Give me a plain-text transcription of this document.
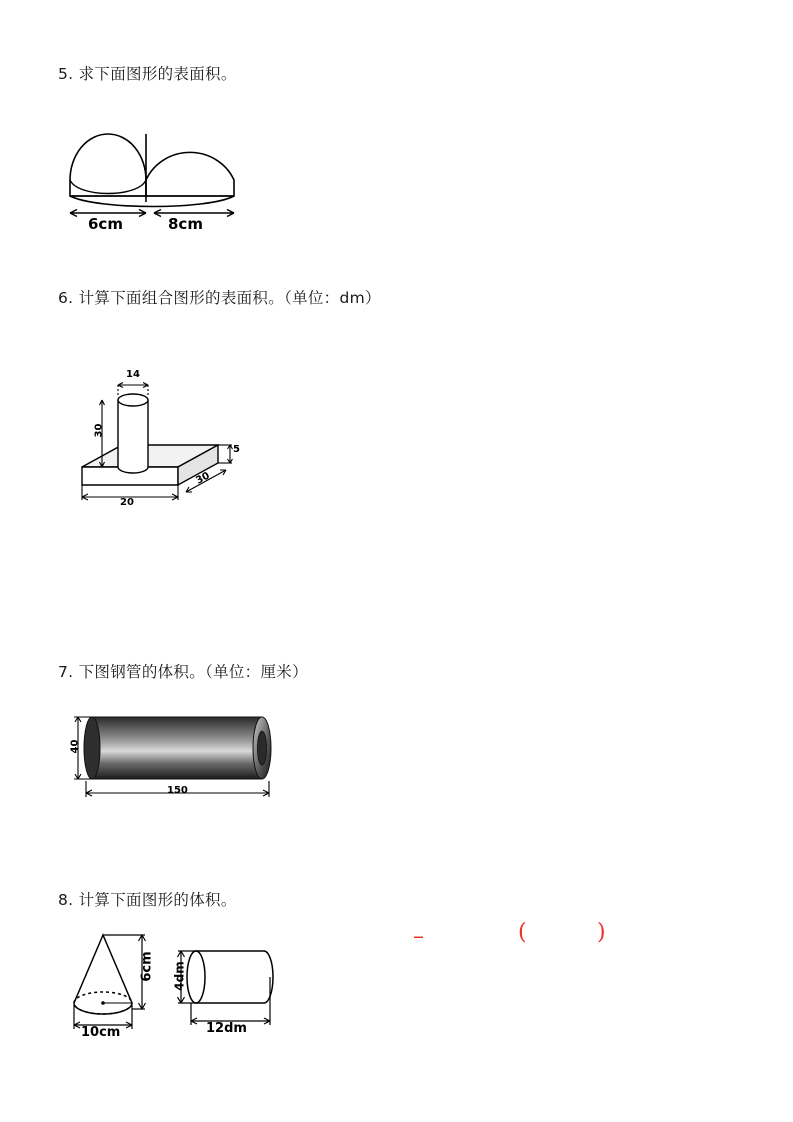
5. 求下面图形的表面积。
6cm	8cm
6. 计算下面组合图形的表面积。（单位：dm）
14
30
5
30
20
7. 下图钢管的体积。（单位：厘米）
40
150
8. 计算下面图形的体积。
–	(	)
6cm
10cm
4dm
12dm
